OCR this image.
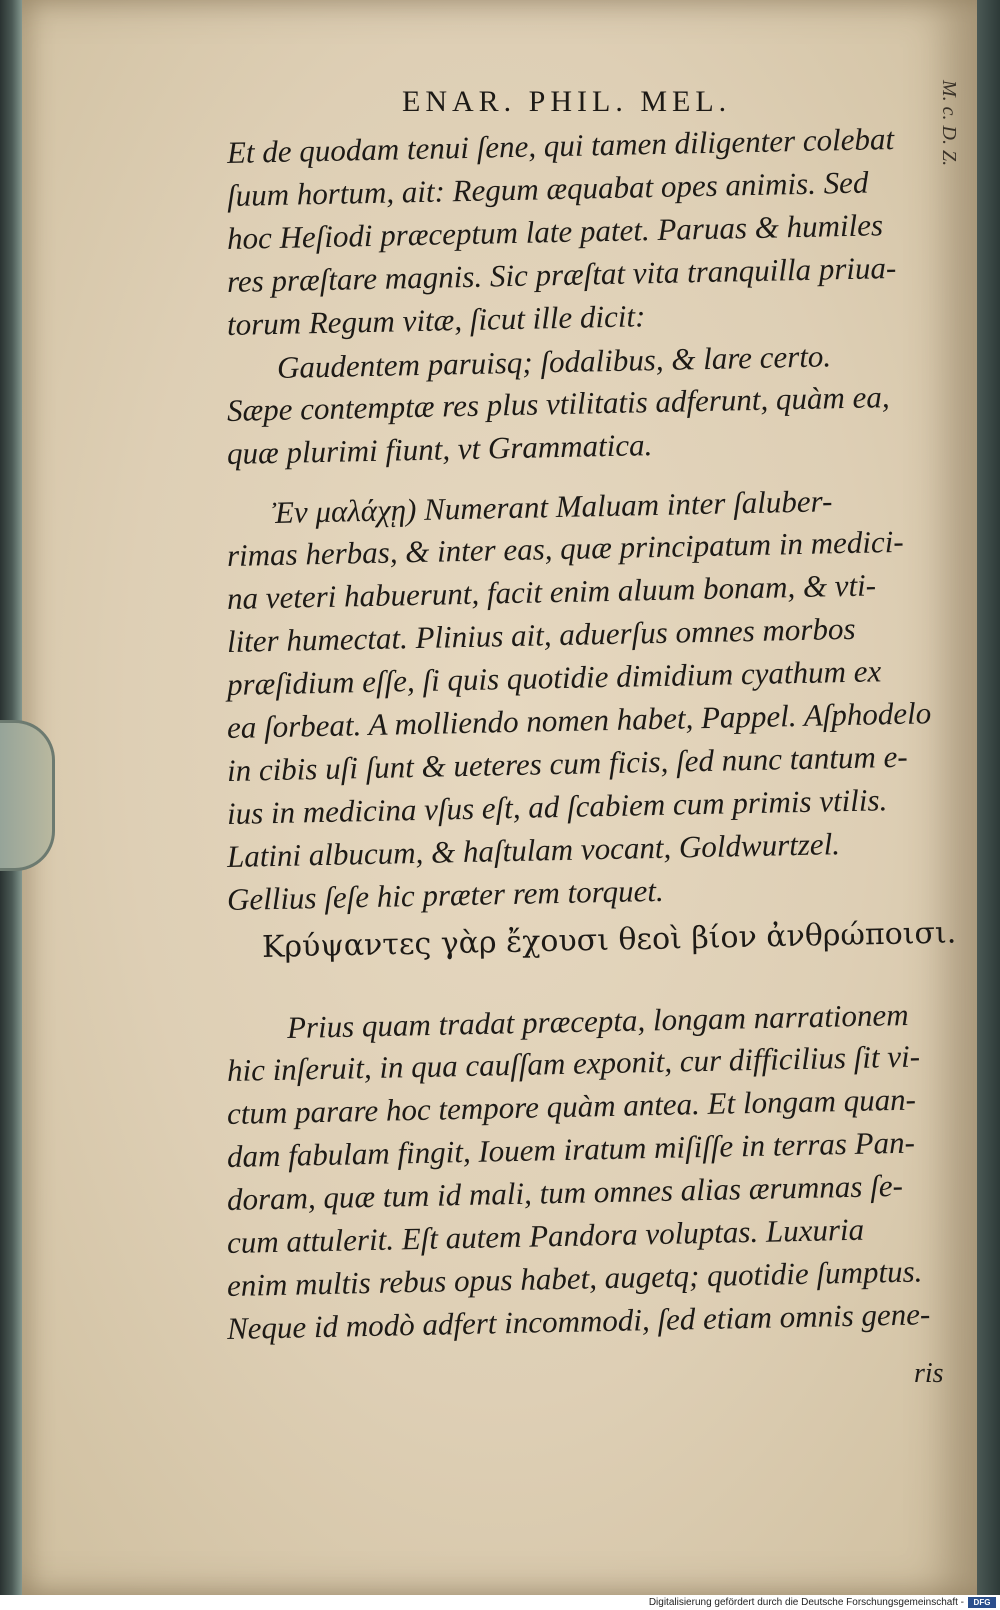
ENAR. PHIL. MEL.

Et de quodam tenui ſene, qui tamen diligenter colebat

ſuum hortum, ait: Regum æquabat opes animis. Sed

hoc Heſiodi præceptum late patet. Paruas & humiles

res præſtare magnis. Sic præſtat vita tranquilla priua-

torum Regum vitæ, ſicut ille dicit:

Gaudentem paruisq; ſodalibus, & lare certo.

Sæpe contemptæ res plus vtilitatis adferunt, quàm ea,

quæ plurimi fiunt, vt Grammatica.

Ἐν μαλάχῃ) Numerant Maluam inter ſaluber-

rimas herbas, & inter eas, quæ principatum in medici-

na veteri habuerunt, facit enim aluum bonam, & vti-

liter humectat. Plinius ait, aduerſus omnes morbos

præſidium eſſe, ſi quis quotidie dimidium cyathum ex

ea ſorbeat. A molliendo nomen habet, Pappel. Aſphodelo

in cibis uſi ſunt & ueteres cum ficis, ſed nunc tantum e-

ius in medicina vſus eſt, ad ſcabiem cum primis vtilis.

Latini albucum, & haſtulam vocant, Goldwurtzel.

Gellius ſeſe hic præter rem torquet.

Κρύψαντες γὰρ ἔχουσι θεοὶ βίον ἀνθρώποισι.

Prius quam tradat præcepta, longam narrationem

hic inſeruit, in qua cauſſam exponit, cur difficilius ſit vi-

ctum parare hoc tempore quàm antea. Et longam quan-

dam fabulam fingit, Iouem iratum miſiſſe in terras Pan-

doram, quæ tum id mali, tum omnes alias ærumnas ſe-

cum attulerit. Eſt autem Pandora voluptas. Luxuria

enim multis rebus opus habet, augetq; quotidie ſumptus.

Neque id modò adfert incommodi, ſed etiam omnis gene-

ris
Digitalisierung gefördert durch die Deutsche Forschungsgemeinschaft -	DFG
